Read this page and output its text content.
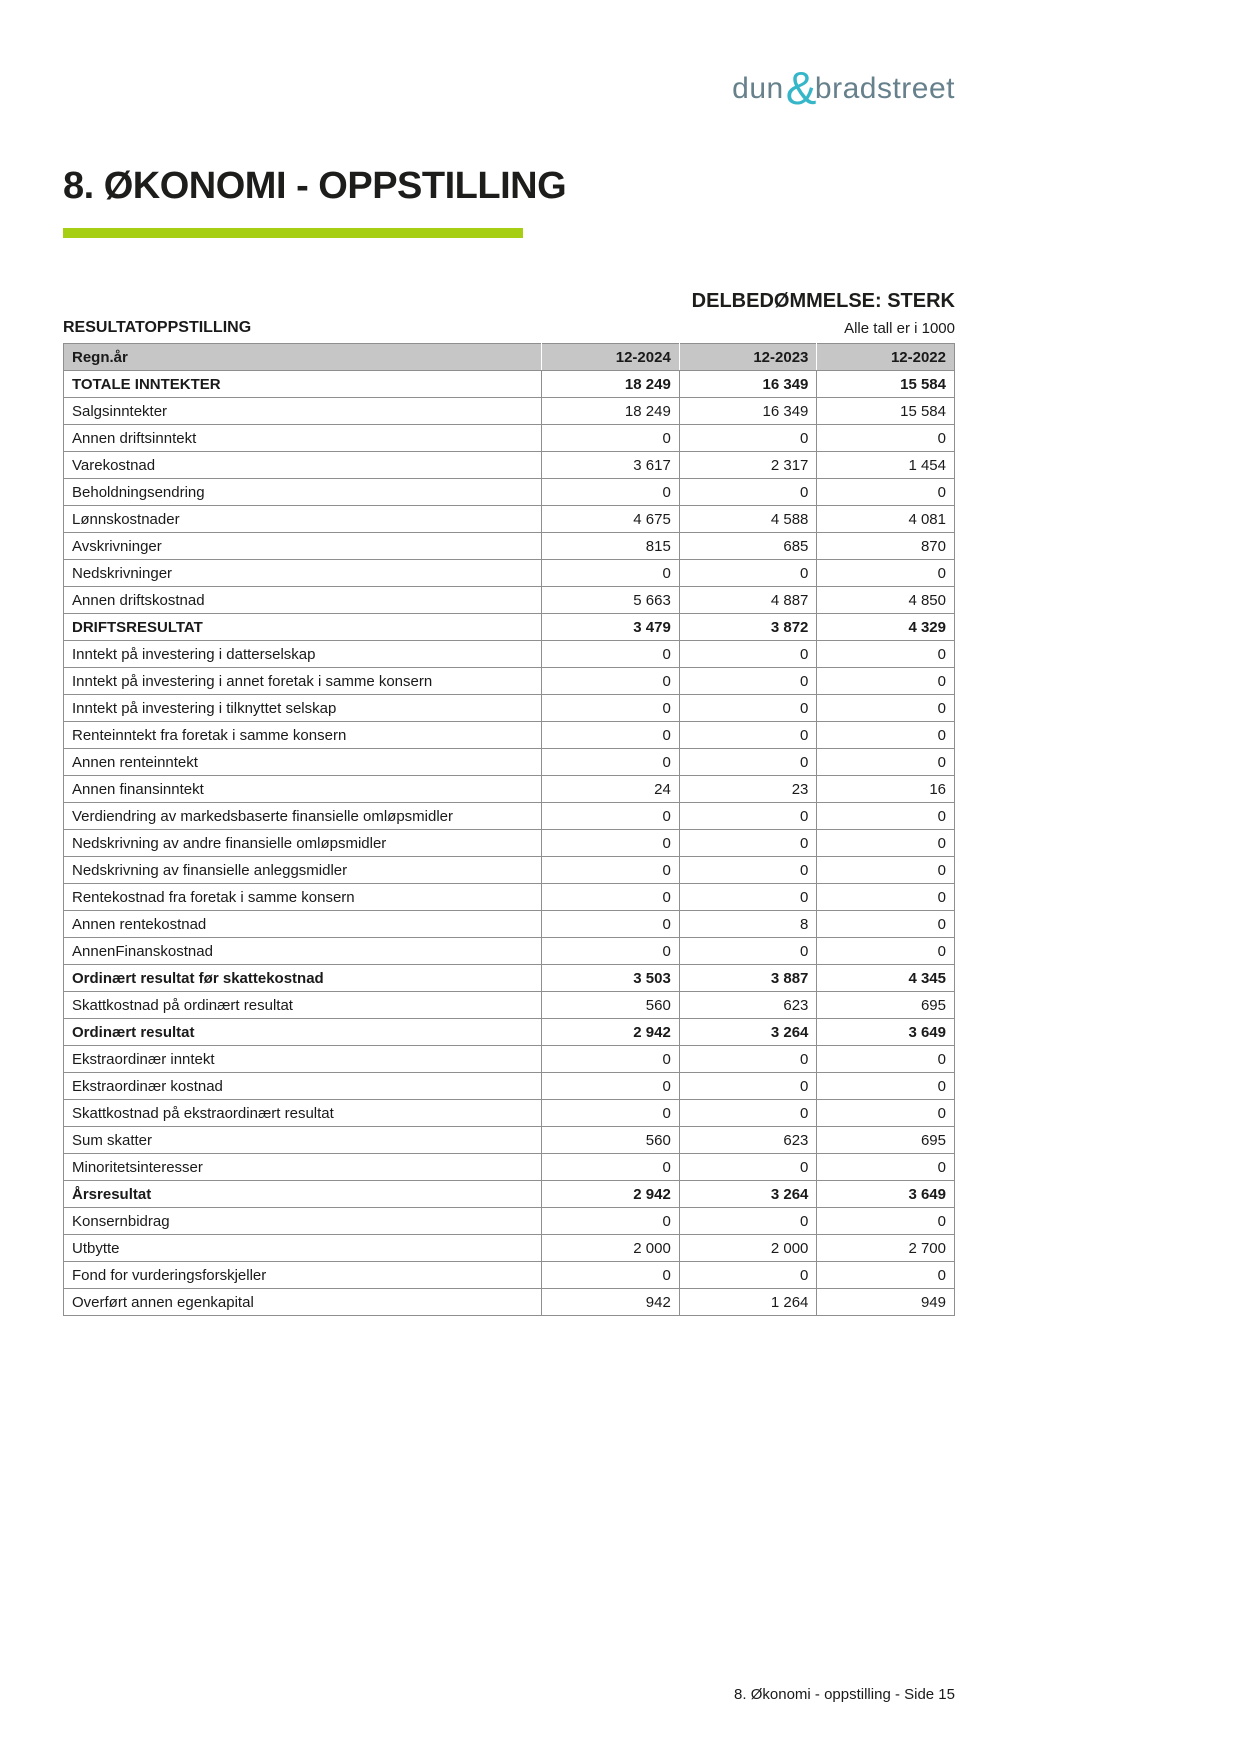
dun&bradstreet
8. ØKONOMI - OPPSTILLING
DELBEDØMMELSE: STERK
RESULTATOPPSTILLING	Alle tall er i 1000
Regn.år	12-2024	12-2023	12-2022
TOTALE INNTEKTER	18 249	16 349	15 584
Salgsinntekter	18 249	16 349	15 584
Annen driftsinntekt	0	0	0
Varekostnad	3 617	2 317	1 454
Beholdningsendring	0	0	0
Lønnskostnader	4 675	4 588	4 081
Avskrivninger	815	685	870
Nedskrivninger	0	0	0
Annen driftskostnad	5 663	4 887	4 850
DRIFTSRESULTAT	3 479	3 872	4 329
Inntekt på investering i datterselskap	0	0	0
Inntekt på investering i annet foretak i samme konsern	0	0	0
Inntekt på investering i tilknyttet selskap	0	0	0
Renteinntekt fra foretak i samme konsern	0	0	0
Annen renteinntekt	0	0	0
Annen finansinntekt	24	23	16
Verdiendring av markedsbaserte finansielle omløpsmidler	0	0	0
Nedskrivning av andre finansielle omløpsmidler	0	0	0
Nedskrivning av finansielle anleggsmidler	0	0	0
Rentekostnad fra foretak i samme konsern	0	0	0
Annen rentekostnad	0	8	0
AnnenFinanskostnad	0	0	0
Ordinært resultat før skattekostnad	3 503	3 887	4 345
Skattkostnad på ordinært resultat	560	623	695
Ordinært resultat	2 942	3 264	3 649
Ekstraordinær inntekt	0	0	0
Ekstraordinær kostnad	0	0	0
Skattkostnad på ekstraordinært resultat	0	0	0
Sum skatter	560	623	695
Minoritetsinteresser	0	0	0
Årsresultat	2 942	3 264	3 649
Konsernbidrag	0	0	0
Utbytte	2 000	2 000	2 700
Fond for vurderingsforskjeller	0	0	0
Overført annen egenkapital	942	1 264	949
8. Økonomi - oppstilling - Side 15
